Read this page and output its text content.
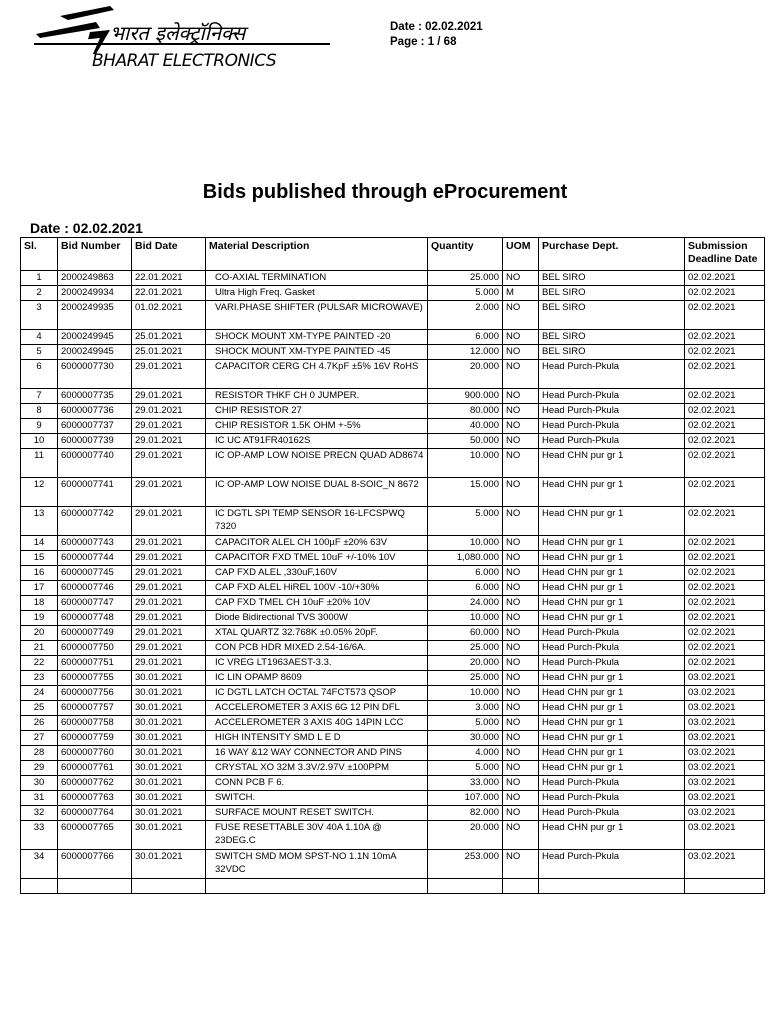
भारत इलेक्ट्रॉनिक्स
BHARAT ELECTRONICS
Date : 02.02.2021
Page : 1 / 68
Bids published through eProcurement
Date : 02.02.2021
Sl.	Bid Number	Bid Date	Material Description	Quantity	UOM	Purchase Dept.	Submission Deadline Date
1	2000249863	22.01.2021	CO-AXIAL TERMINATION	25.000	NO	BEL SIRO	02.02.2021
2	2000249934	22.01.2021	Ultra High Freq. Gasket	5.000	M	BEL SIRO	02.02.2021
3	2000249935	01.02.2021	VARI.PHASE SHIFTER (PULSAR MICROWAVE)	2.000	NO	BEL SIRO	02.02.2021
4	2000249945	25.01.2021	SHOCK MOUNT XM-TYPE PAINTED -20	6.000	NO	BEL SIRO	02.02.2021
5	2000249945	25.01.2021	SHOCK MOUNT XM-TYPE PAINTED -45	12.000	NO	BEL SIRO	02.02.2021
6	6000007730	29.01.2021	CAPACITOR CERG CH 4.7KpF ±5% 16V RoHS	20.000	NO	Head Purch-Pkula	02.02.2021
7	6000007735	29.01.2021	RESISTOR THKF CH 0 JUMPER.	900.000	NO	Head Purch-Pkula	02.02.2021
8	6000007736	29.01.2021	CHIP RESISTOR 27	80.000	NO	Head Purch-Pkula	02.02.2021
9	6000007737	29.01.2021	CHIP RESISTOR 1.5K OHM +-5%	40.000	NO	Head Purch-Pkula	02.02.2021
10	6000007739	29.01.2021	IC UC AT91FR40162S	50.000	NO	Head Purch-Pkula	02.02.2021
11	6000007740	29.01.2021	IC OP-AMP LOW NOISE PRECN QUAD AD8674	10.000	NO	Head CHN pur gr 1	02.02.2021
12	6000007741	29.01.2021	IC OP-AMP LOW NOISE DUAL 8-SOIC_N 8672	15.000	NO	Head CHN pur gr 1	02.02.2021
13	6000007742	29.01.2021	IC DGTL SPI TEMP SENSOR 16-LFCSPWQ 7320	5.000	NO	Head CHN pur gr 1	02.02.2021
14	6000007743	29.01.2021	CAPACITOR ALEL CH 100µF ±20% 63V	10.000	NO	Head CHN pur gr 1	02.02.2021
15	6000007744	29.01.2021	CAPACITOR FXD TMEL 10uF +/-10% 10V	1,080.000	NO	Head CHN pur gr 1	02.02.2021
16	6000007745	29.01.2021	CAP FXD ALEL ,330uF,160V	6.000	NO	Head CHN pur gr 1	02.02.2021
17	6000007746	29.01.2021	CAP FXD ALEL HiREL 100V -10/+30%	6.000	NO	Head CHN pur gr 1	02.02.2021
18	6000007747	29.01.2021	CAP FXD TMEL CH 10uF ±20% 10V	24.000	NO	Head CHN pur gr 1	02.02.2021
19	6000007748	29.01.2021	Diode Bidirectional TVS 3000W	10.000	NO	Head CHN pur gr 1	02.02.2021
20	6000007749	29.01.2021	XTAL QUARTZ 32.768K ±0.05% 20pF.	60.000	NO	Head Purch-Pkula	02.02.2021
21	6000007750	29.01.2021	CON PCB HDR MIXED 2.54-16/6A.	25.000	NO	Head Purch-Pkula	02.02.2021
22	6000007751	29.01.2021	IC VREG LT1963AEST-3.3.	20.000	NO	Head Purch-Pkula	02.02.2021
23	6000007755	30.01.2021	IC LIN OPAMP 8609	25.000	NO	Head CHN pur gr 1	03.02.2021
24	6000007756	30.01.2021	IC DGTL LATCH OCTAL 74FCT573 QSOP	10.000	NO	Head CHN pur gr 1	03.02.2021
25	6000007757	30.01.2021	ACCELEROMETER 3 AXIS 6G 12 PIN DFL	3.000	NO	Head CHN pur gr 1	03.02.2021
26	6000007758	30.01.2021	ACCELEROMETER 3 AXIS 40G 14PIN LCC	5.000	NO	Head CHN pur gr 1	03.02.2021
27	6000007759	30.01.2021	HIGH INTENSITY SMD L E D	30.000	NO	Head CHN pur gr 1	03.02.2021
28	6000007760	30.01.2021	16 WAY &12 WAY CONNECTOR AND PINS	4.000	NO	Head CHN pur gr 1	03.02.2021
29	6000007761	30.01.2021	CRYSTAL XO 32M 3.3V/2.97V ±100PPM	5.000	NO	Head CHN pur gr 1	03.02.2021
30	6000007762	30.01.2021	CONN PCB F 6.	33.000	NO	Head Purch-Pkula	03.02.2021
31	6000007763	30.01.2021	SWITCH.	107.000	NO	Head Purch-Pkula	03.02.2021
32	6000007764	30.01.2021	SURFACE MOUNT RESET SWITCH.	82.000	NO	Head Purch-Pkula	03.02.2021
33	6000007765	30.01.2021	FUSE RESETTABLE 30V 40A 1.10A @ 23DEG.C	20.000	NO	Head CHN pur gr 1	03.02.2021
34	6000007766	30.01.2021	SWITCH SMD MOM SPST-NO 1.1N 10mA 32VDC	253.000	NO	Head Purch-Pkula	03.02.2021
